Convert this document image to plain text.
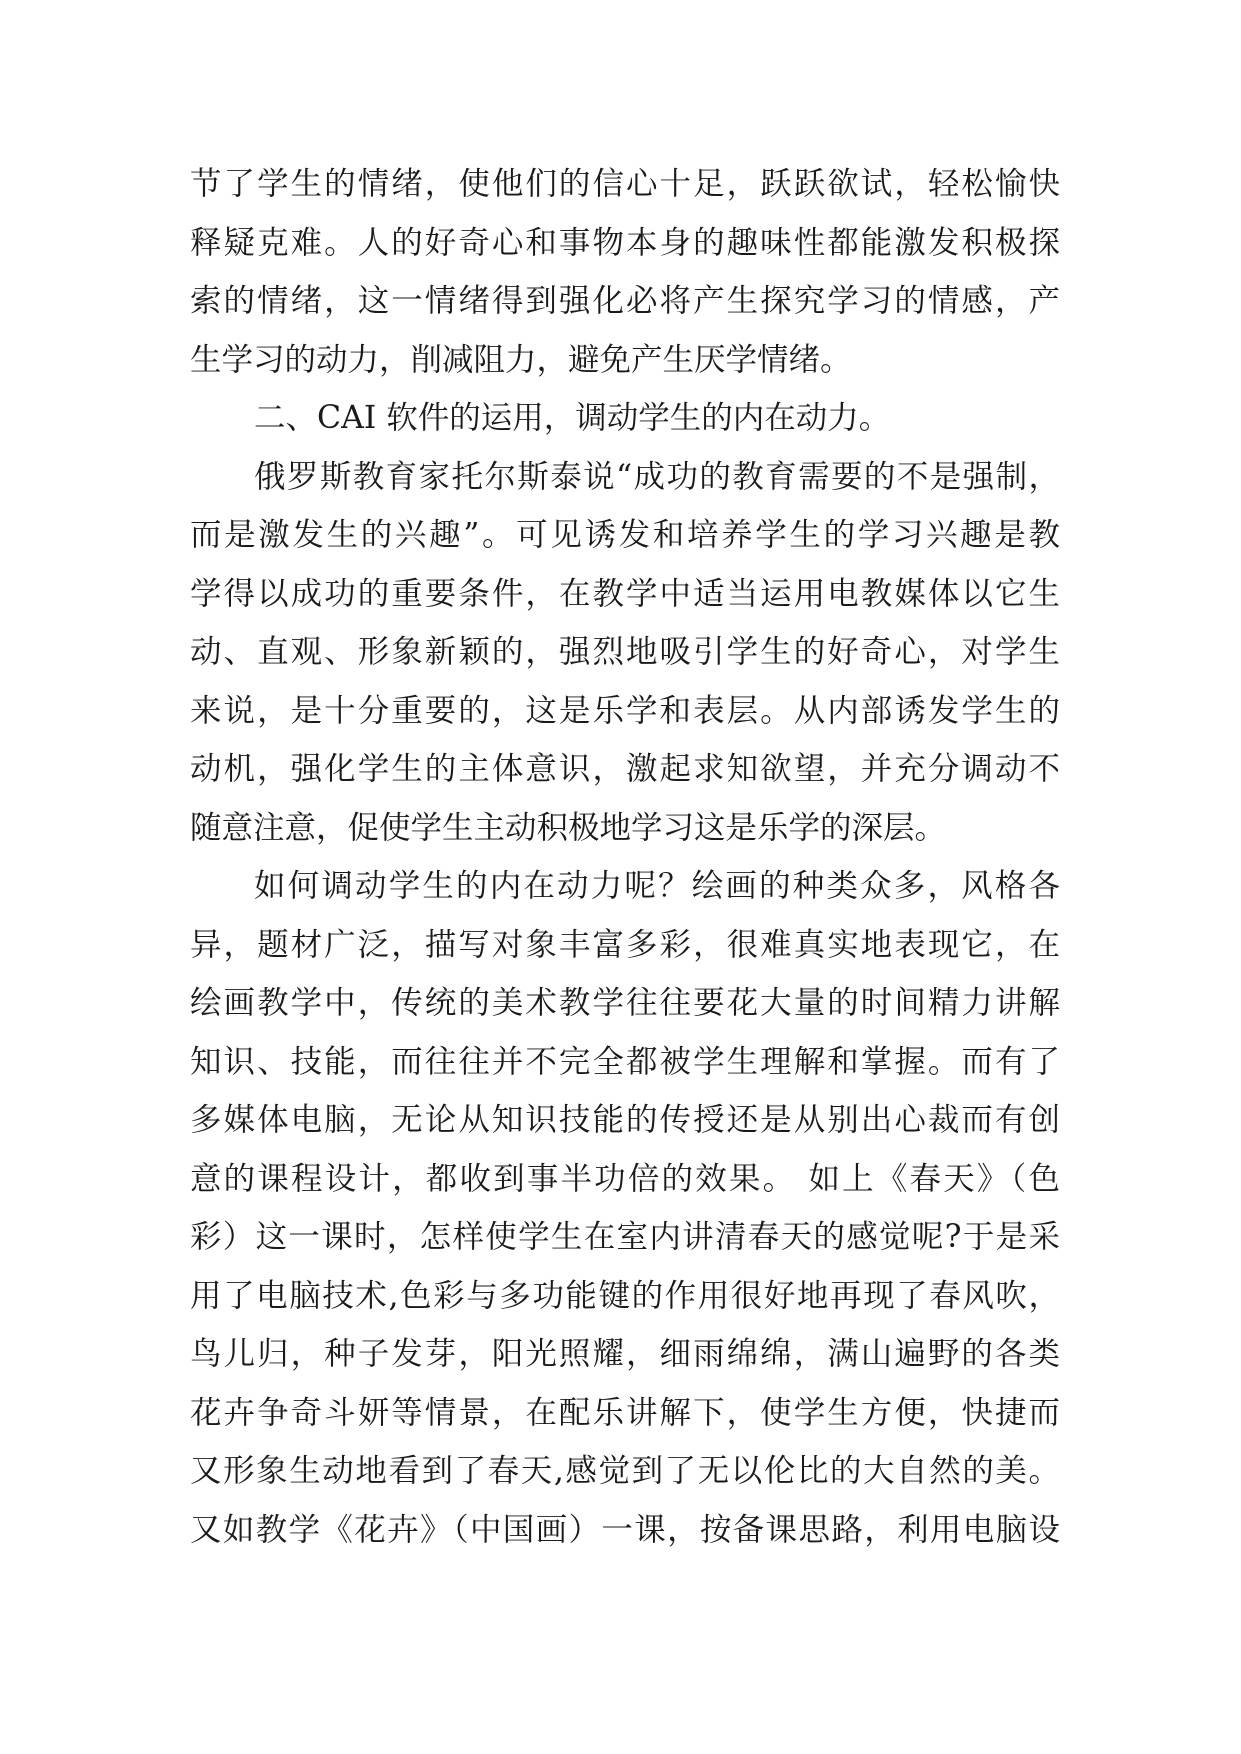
节了学生的情绪，使他们的信心十足，跃跃欲试，轻松愉快
释疑克难。人的好奇心和事物本身的趣味性都能激发积极探
索的情绪，这一情绪得到强化必将产生探究学习的情感，产
生学习的动力，削减阻力，避免产生厌学情绪。
二、CAI 软件的运用，调动学生的内在动力。
俄罗斯教育家托尔斯泰说“成功的教育需要的不是强制，
而是激发生的兴趣”。可见诱发和培养学生的学习兴趣是教
学得以成功的重要条件，在教学中适当运用电教媒体以它生
动、直观、形象新颖的，强烈地吸引学生的好奇心，对学生
来说，是十分重要的，这是乐学和表层。从内部诱发学生的
动机，强化学生的主体意识，激起求知欲望，并充分调动不
随意注意，促使学生主动积极地学习这是乐学的深层。
如何调动学生的内在动力呢？绘画的种类众多，风格各
异，题材广泛，描写对象丰富多彩，很难真实地表现它，在
绘画教学中，传统的美术教学往往要花大量的时间精力讲解
知识、技能，而往往并不完全都被学生理解和掌握。而有了
多媒体电脑，无论从知识技能的传授还是从别出心裁而有创
意的课程设计，都收到事半功倍的效果。 如上《春天》（色
彩）这一课时，怎样使学生在室内讲清春天的感觉呢?于是采
用了电脑技术,色彩与多功能键的作用很好地再现了春风吹，
鸟儿归，种子发芽，阳光照耀，细雨绵绵，满山遍野的各类
花卉争奇斗妍等情景，在配乐讲解下，使学生方便，快捷而
又形象生动地看到了春天,感觉到了无以伦比的大自然的美。
又如教学《花卉》（中国画）一课，按备课思路，利用电脑设
